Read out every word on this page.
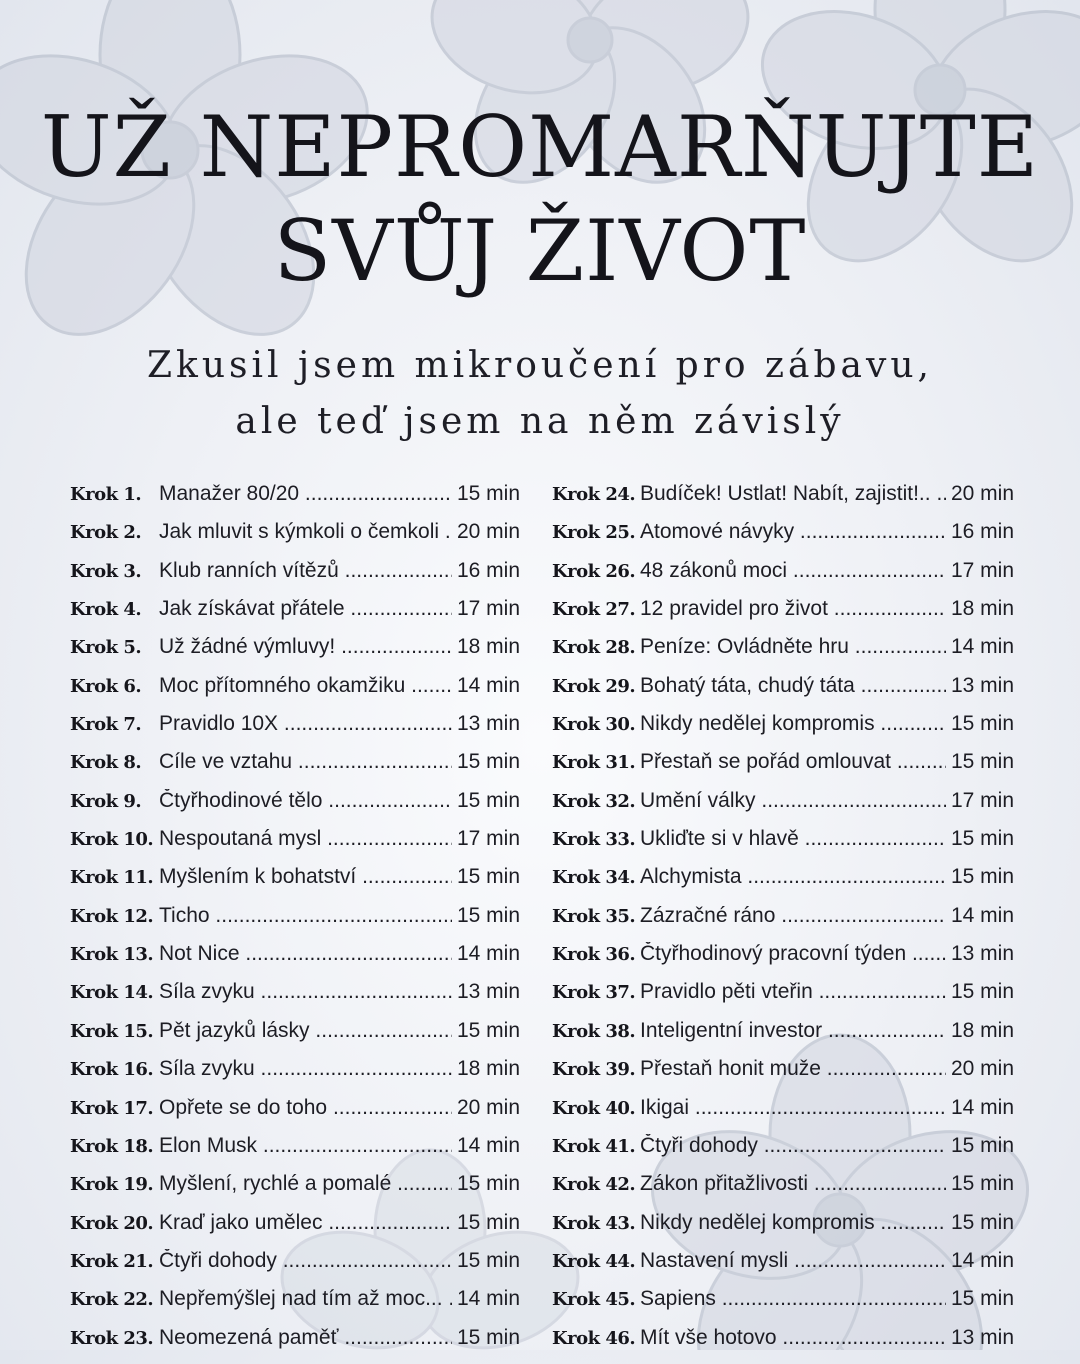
UŽ NEPROMARŇUJTE
SVŮJ ŽIVOT
Zkusil jsem mikroučení pro zábavu,
ale teď jsem na něm závislý
Krok 1. Manažer 80/20 .....	15 min
Krok 2. Jak mluvit s kýmkoli o čemkoli ..... 20 min
Krok 3. Klub ranních vítězů .....	16 min
Krok 4. Jak získávat přátele .....	17 min
Krok 5. Už žádné výmluvy! .....	18 min
Krok 6. Moc přítomného okamžiku .....	14 min
Krok 7. Pravidlo 10X .....	13 min
Krok 8. Cíle ve vztahu .....	15 min
Krok 9. Čtyřhodinové tělo .....	15 min
Krok 10. Nespoutaná mysl .....	17 min
Krok 11. Myšlením k bohatství .....	15 min
Krok 12. Ticho .....	15 min
Krok 13. Not Nice .....	14 min
Krok 14. Síla zvyku .....	13 min
Krok 15. Pět jazyků lásky .....	15 min
Krok 16. Síla zvyku .....	18 min
Krok 17. Opřete se do toho .....	20 min
Krok 18. Elon Musk .....	14 min
Krok 19. Myšlení, rychlé a pomalé .....	15 min
Krok 20. Kraď jako umělec .....	15 min
Krok 21. Čtyři dohody .....	15 min
Krok 22. Nepřemýšlej nad tím až moc... ..... 14 min
Krok 23. Neomezená paměť .....	15 min
Krok 24. Budíček! Ustlat! Nabít, zajistit!.. ..... 20 min
Krok 25. Atomové návyky .....	16 min
Krok 26. 48 zákonů moci .....	17 min
Krok 27. 12 pravidel pro život .....	18 min
Krok 28. Peníze: Ovládněte hru .....	14 min
Krok 29. Bohatý táta, chudý táta .....	13 min
Krok 30. Nikdy nedělej kompromis .....	15 min
Krok 31. Přestaň se pořád omlouvat .....	15 min
Krok 32. Umění války .....	17 min
Krok 33. Ukliďte si v hlavě .....	15 min
Krok 34. Alchymista .....	15 min
Krok 35. Zázračné ráno .....	14 min
Krok 36. Čtyřhodinový pracovní týden .....	13 min
Krok 37. Pravidlo pěti vteřin .....	15 min
Krok 38. Inteligentní investor .....	18 min
Krok 39. Přestaň honit muže .....	20 min
Krok 40. Ikigai .....	14 min
Krok 41. Čtyři dohody .....	15 min
Krok 42. Zákon přitažlivosti .....	15 min
Krok 43. Nikdy nedělej kompromis .....	15 min
Krok 44. Nastavení mysli .....	14 min
Krok 45. Sapiens .....	15 min
Krok 46. Mít vše hotovo .....	13 min
